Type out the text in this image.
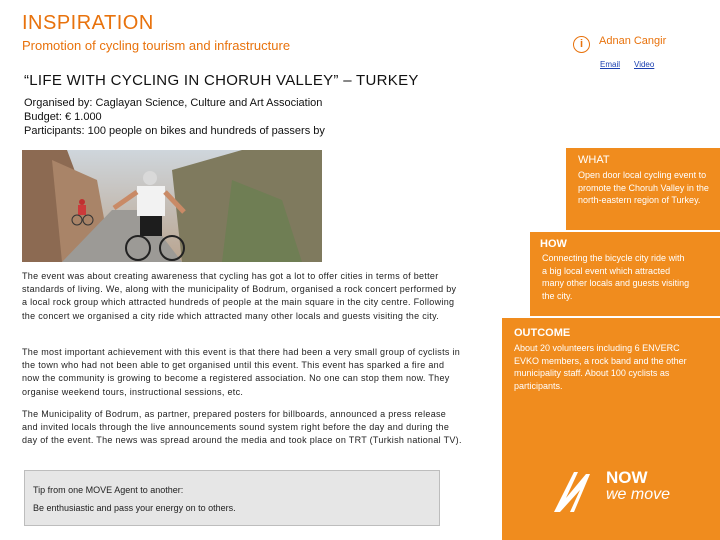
INSPIRATION
Promotion of cycling tourism and infrastructure	i	Adnan Cangir
Email Video
“LIFE WITH CYCLING IN CHORUH VALLEY” – TURKEY
Organised by: Caglayan Science, Culture and Art Association
Budget: € 1.000
Participants: 100 people on bikes and hundreds of passers by
WHAT
Open door local cycling event to promote the Choruh Valley in the north-eastern region of Turkey.
HOW
Connecting the bicycle city ride with a big local event which attracted many other locals and guests visiting the city.
OUTCOME
About 20 volunteers including 6 ENVERC EVKO members, a rock band and the other municipality staff. About 100 cyclists as participants.
NOW
we move
The event was about creating awareness that cycling has got a lot to offer cities in terms of better standards of living. We, along with the municipality of Bodrum, organised a rock concert performed by a local rock group which attracted hundreds of people at the main square in the city centre. Following the concert we organised a city ride which attracted many other locals and guests visiting the city.
The most important achievement with this event is that there had been a very small group of cyclists in the town who had not been able to get organised until this event. This event has sparked a fire and now the community is growing to become a registered association. No one can stop them now. They organise weekend tours, instructional sessions, etc.
The Municipality of Bodrum, as partner, prepared posters for billboards, announced a press release and invited locals through the live announcements sound system right before the day and during the day of the event. The news was spread around the media and took place on TRT (Turkish national TV).

Tip from one MOVE Agent to another:

Be enthusiastic and pass your energy on to others.
